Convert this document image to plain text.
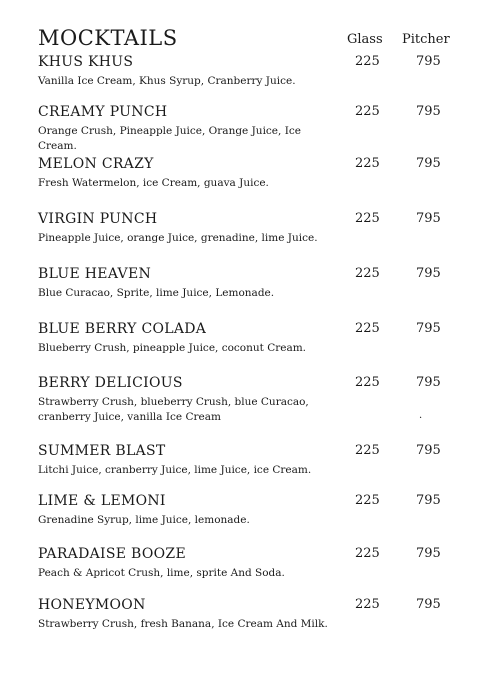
MOCKTAILS	Glass Pitcher
KHUS KHUS
Vanilla Ice Cream, Khus Syrup, Cranberry Juice.
225	795
CREAMY PUNCH
Orange Crush, Pineapple Juice, Orange Juice, Ice Cream.
225	795
MELON CRAZY
Fresh Watermelon, ice Cream, guava Juice.
225	795
VIRGIN PUNCH
Pineapple Juice, orange Juice, grenadine, lime Juice.
225	795
BLUE HEAVEN
Blue Curacao, Sprite, lime Juice, Lemonade.
225	795
BLUE BERRY COLADA
Blueberry Crush, pineapple Juice, coconut Cream.
225	795
BERRY DELICIOUS
Strawberry Crush, blueberry Crush, blue Curacao, cranberry Juice, vanilla Ice Cream
225	795
.
SUMMER BLAST
Litchi Juice, cranberry Juice, lime Juice, ice Cream.
225	795
LIME & LEMONI
Grenadine Syrup, lime Juice, lemonade.
225	795
PARADAISE BOOZE
Peach & Apricot Crush, lime, sprite And Soda.
225	795
HONEYMOON
Strawberry Crush, fresh Banana, Ice Cream And Milk.
225	795
